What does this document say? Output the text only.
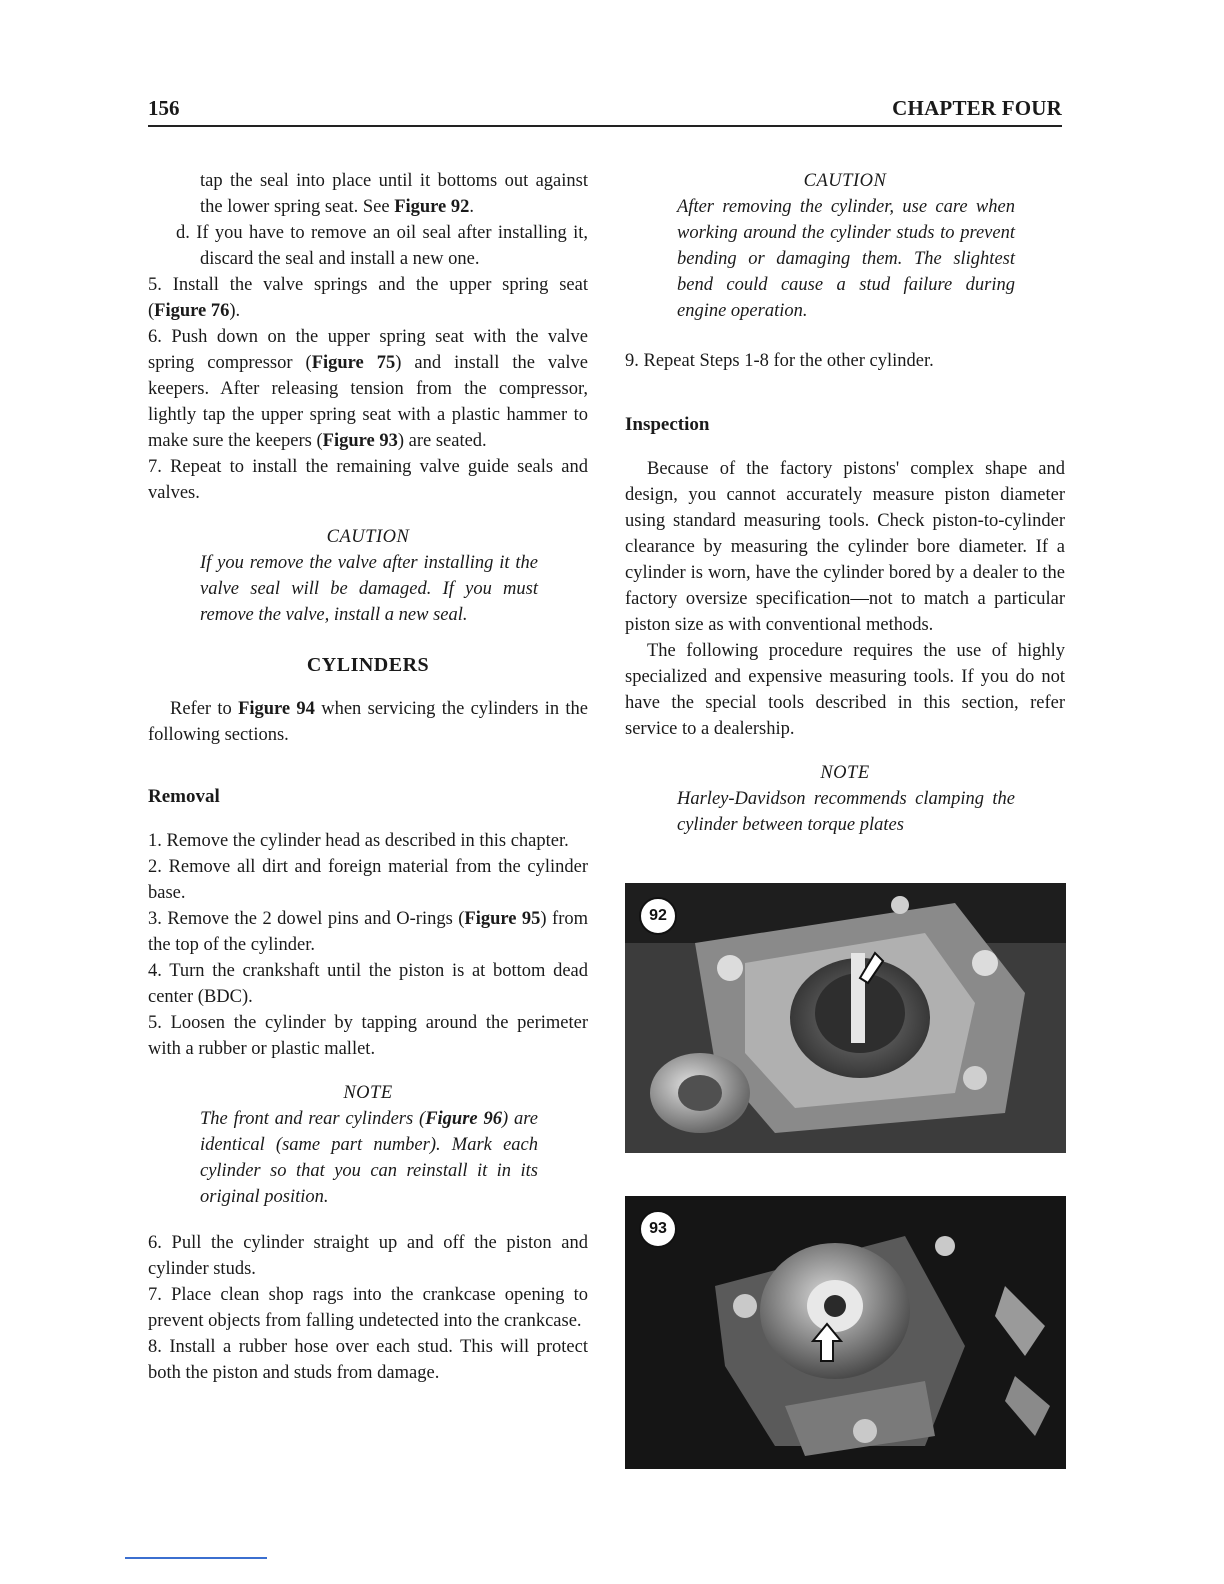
156	CHAPTER FOUR

tap the seal into place until it bottoms out against the lower spring seat. See Figure 92.

d. If you have to remove an oil seal after installing it, discard the seal and install a new one.

5. Install the valve springs and the upper spring seat (Figure 76).

6. Push down on the upper spring seat with the valve spring compressor (Figure 75) and install the valve keepers. After releasing tension from the compressor, lightly tap the upper spring seat with a plastic hammer to make sure the keepers (Figure 93) are seated.

7. Repeat to install the remaining valve guide seals and valves.

CAUTION

If you remove the valve after installing it the valve seal will be damaged. If you must remove the valve, install a new seal.

CYLINDERS

Refer to Figure 94 when servicing the cylinders in the following sections.

Removal

1. Remove the cylinder head as described in this chapter.

2. Remove all dirt and foreign material from the cylinder base.

3. Remove the 2 dowel pins and O-rings (Figure 95) from the top of the cylinder.

4. Turn the crankshaft until the piston is at bottom dead center (BDC).

5. Loosen the cylinder by tapping around the perimeter with a rubber or plastic mallet.

NOTE

The front and rear cylinders (Figure 96) are identical (same part number). Mark each cylinder so that you can reinstall it in its original position.

6. Pull the cylinder straight up and off the piston and cylinder studs.

7. Place clean shop rags into the crankcase opening to prevent objects from falling undetected into the crankcase.

8. Install a rubber hose over each stud. This will protect both the piston and studs from damage.

CAUTION

After removing the cylinder, use care when working around the cylinder studs to prevent bending or damaging them. The slightest bend could cause a stud failure during engine operation.

9. Repeat Steps 1-8 for the other cylinder.

Inspection

Because of the factory pistons' complex shape and design, you cannot accurately measure piston diameter using standard measuring tools. Check piston-to-cylinder clearance by measuring the cylinder bore diameter. If a cylinder is worn, have the cylinder bored by a dealer to the factory oversize specification—not to match a particular piston size as with conventional methods.

The following procedure requires the use of highly specialized and expensive measuring tools. If you do not have the special tools described in this section, refer service to a dealership.

NOTE

Harley-Davidson recommends clamping the cylinder between torque plates

92
93
